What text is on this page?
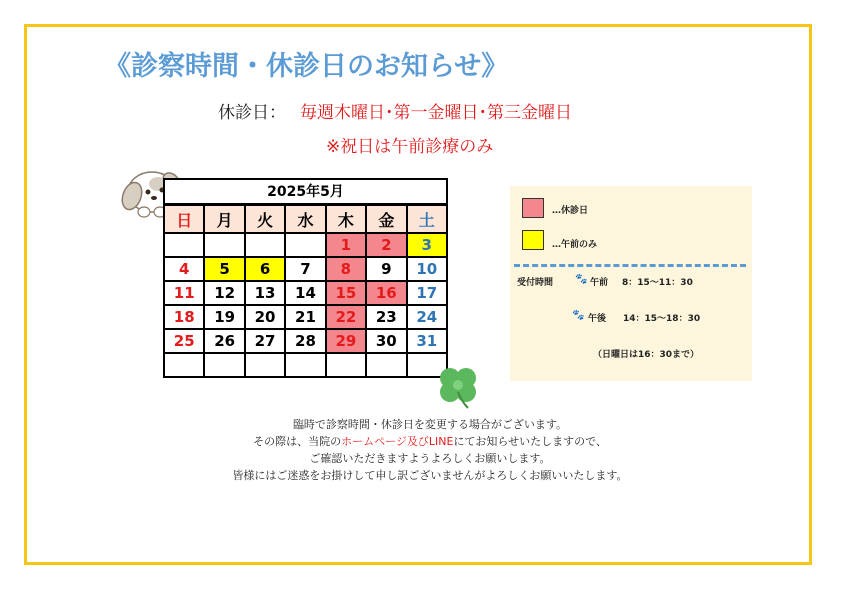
《診察時間・休診日のお知らせ》
休診日： 毎週木曜日･第一金曜日･第三金曜日
※祝日は午前診療のみ
2025年5月
日	月	火	水	木	金	土
				1	2	3
4	5	6	7	8	9	10
11	12	13	14	15	16	17
18	19	20	21	22	23	24
25	26	27	28	29	30	31

…休診日
…午前のみ
受付時間 🐾 午前 8：15～11：30
🐾 午後 14：15～18：30
（日曜日は16：30まで）
臨時で診察時間・休診日を変更する場合がございます。
その際は、当院のホームページ及びLINEにてお知らせいたしますので、
ご確認いただきますようよろしくお願いします。
皆様にはご迷惑をお掛けして申し訳ございませんがよろしくお願いいたします。
